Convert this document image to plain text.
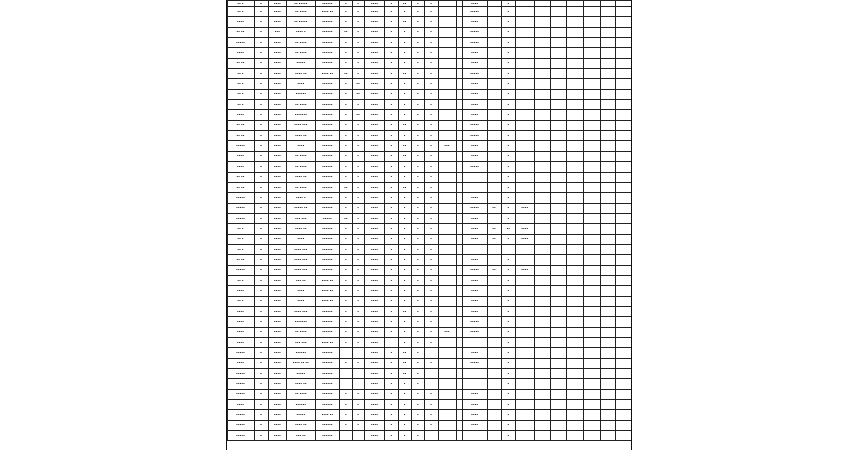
▪▪ ▪	▬	▪▪▪▪	▪▪ ▪▪▪▪▪	▪▪▪▪▪▪	▪	▪	▪▪▪▪	▪	▪▪	▪	▪			▪▪▪▪		▪							
▪▪ ▪	▬	▪▪▪▪	▪▪ ▪▪▪▪	▪▪▪▪ ▪▪	▪	▪	▪▪▪▪	▪	▪	▪	▪			▪▪▪▪▪		▪							
▪▪▪▪	▬	▪▪▪▪	▪▪ ▪▪▪▪▪	▪▪▪▪▪▪	▪	▪	▪▪▪▪	▪	▪▪	▪	▪			▪▪▪▪		▪							
▪▪ ▪▪	▬	▪▪▪	▪▪▪▪ ▪	▪▪▪▪▪▪	▪▪	▪	▪▪▪▪	▪	▪	▪	▪			▪▪▪▪▪		▪							
▪▪▪▪▪	▬	▪▪▪▪	▪▪ ▪▪▪▪	▪▪▪▪▪▪	▪	▪	▪▪▪▪	▪	▪	▪	▪			▪▪▪▪▪		▪							
▪▪▪▪	▬	▪▪▪▪	▪▪ ▪▪▪▪	▪▪▪▪▪▪	▪	▪	▪▪▪▪	▪	▪	▪	▪			▪▪▪▪		▪							
▪▪ ▪▪	▬	▪▪▪▪	▪▪▪▪▪	▪▪▪▪▪▪	▪	▪	▪▪▪▪	▪	▪	▪	▪			▪▪▪▪		▪							
▪▪ ▪	▬	▪▪▪▪	▪▪▪▪ ▪▪	▪▪▪▪ ▪▪	▪▪	▪	▪▪▪▪	▪	▪▪	▪	▪			▪▪▪▪▪		▪							
▪▪ ▪	▬	▪▪▪▪	▪▪▪▪	▪▪▪▪▪▪	▪	▪▪	▪▪▪▪	▪	▪	▪	▪			▪▪▪▪		▪							
▪▪ ▪	▬	▪▪▪▪	▪▪▪▪▪▪	▪▪▪▪▪▪	▪	▪▪	▪▪▪▪	▪	▪	▪	▪			▪▪▪▪		▪							
▪▪ ▪	▬	▪▪▪▪	▪▪ ▪▪▪▪	▪▪▪▪▪▪	▪	▪	▪▪▪▪	▪	▪	▪	▪			▪▪▪▪		▪							
▪▪▪▪	▬	▪▪▪▪	▪▪▪▪▪▪▪	▪▪▪▪▪▪	▪	▪▪	▪▪▪▪	▪	▪	▪	▪			▪▪▪▪		▪							
▪▪ ▪▪	▬	▪▪▪▪	▪▪▪▪ ▪▪▪	▪▪▪▪▪▪	▪	▪	▪▪▪▪	▪	▪▪	▪	▪			▪▪▪▪▪		▪							
▪▪ ▪▪	▬	▪▪▪▪	▪▪▪▪ ▪▪	▪▪▪▪▪▪	▪	▪	▪▪▪▪	▪	▪	▪	▪			▪▪▪▪▪		▪							
▪▪▪▪▪	▬	▪▪▪▪	▪▪▪▪	▪▪▪▪▪▪	▪	▪	▪▪▪▪	▪	▪▪	▪	▪	▪▪▪		▪▪▪▪		▪							
▪▪▪▪	▬	▪▪▪▪	▪▪ ▪▪▪▪	▪▪▪▪▪▪	▪	▪	▪▪▪▪	▪	▪▪	▪	▪			▪▪▪▪		▪							
▪▪▪▪	▬	▪▪▪▪	▪▪ ▪▪▪▪	▪▪▪▪▪▪	▪	▪	▪▪▪▪	▪	▪	▪	▪			▪▪▪▪▪		▪							
▪▪ ▪▪	▬	▪▪▪▪	▪▪▪▪ ▪▪	▪▪▪▪▪▪	▪	▪	▪▪▪▪	▪	▪	▪	▪					▪							
▪▪ ▪▪	▬	▪▪▪▪	▪▪ ▪▪▪▪	▪▪▪▪▪▪	▪▪	▪	▪▪▪▪	▪	▪▪	▪	▪					▪							
▪▪▪▪▪	▬	▪▪▪▪	▪▪▪▪ ▪	▪▪▪▪▪▪	▪	▪	▪▪▪▪	▪	▪	▪	▪			▪▪▪▪		▪							
▪▪▪▪▪	▬	▪▪▪▪	▪▪▪▪▪ ▪▪	▪▪▪▪▪▪	▪	▪	▪▪▪▪	▪	▪	▪	▪			▪▪▪▪▪	▪▪	▪	▪▪▪▪						
▪▪▪▪▪	▬	▪▪▪▪	▪▪▪ ▪▪▪	▪▪▪▪▪	▪▪	▪	▪▪▪▪	▪	▪	▪	▪			▪▪▪▪		▪							
▪▪ ▪	▬	▪▪▪▪	▪▪▪▪ ▪▪	▪▪▪▪▪▪	▪	▪	▪▪▪▪	▪	▪	▪	▪			▪▪▪▪	▪▪	▪▪	▪▪▪▪						
▪▪ ▪	▬	▪▪▪▪	▪▪▪▪	▪▪▪▪▪▪	▪	▪	▪▪▪▪	▪	▪	▪	▪			▪▪▪▪	▪▪	▪	▪▪▪▪						
▪▪ ▪	▬	▪▪▪▪	▪▪▪▪ ▪▪▪	▪▪▪▪▪▪	▪	▪	▪▪▪▪	▪	▪	▪	▪												
▪▪ ▪▪	▬	▪▪▪▪	▪▪▪▪ ▪▪▪	▪▪▪▪▪▪	▪	▪	▪▪▪▪	▪	▪	▪	▪			▪▪▪▪		▪							
▪▪▪▪▪	▬	▪▪▪▪	▪▪▪▪ ▪▪▪	▪▪▪▪▪▪	▪	▪	▪▪▪▪	▪	▪	▪	▪			▪▪▪▪▪	▪▪	▪	▪▪▪▪						
▪▪ ▪	▬	▪▪▪▪	▪▪▪ ▪▪	▪▪▪▪ ▪▪	▪	▪	▪▪▪▪	▪	▪	▪	▪			▪▪▪▪		▪							
▪▪▪▪	▬	▪▪▪▪	▪▪▪▪	▪▪▪▪ ▪▪	▪	▪	▪▪▪▪	▪	▪	▪	▪			▪▪▪▪		▪							
▪▪ ▪	▬	▪▪▪▪	▪▪▪▪	▪▪▪▪ ▪▪	▪	▪	▪▪▪▪	▪	▪	▪	▪			▪▪▪▪		▪							
▪▪▪▪	▬	▪▪▪▪	▪▪▪▪ ▪▪▪	▪▪▪▪▪▪	▪	▪	▪▪▪▪	▪	▪▪	▪	▪			▪▪▪▪		▪							
▪▪▪▪	▬	▪▪▪▪	▪▪▪▪▪▪▪	▪▪▪▪▪▪	▪	▪	▪▪▪▪	▪	▪	▪	▪			▪▪▪▪▪		▪							
▪▪▪▪	▬	▪▪▪▪	▪▪ ▪▪▪▪	▪▪▪▪▪▪	▪	▪	▪▪▪▪	▪	▪	▪	▪	▪▪▪		▪▪▪▪▪		▪							
▪▪▪▪	▬	▪▪▪▪	▪▪▪ ▪▪▪	▪▪▪▪ ▪▪	▪	▪	▪▪▪▪		▪	▪	▪					▪							
▪▪▪▪▪	▬	▪▪▪▪	▪▪▪▪▪▪	▪▪▪▪▪▪			▪▪▪▪	▪	▪▪	▪				▪▪▪▪		▪							
▪▪▪▪	▬	▪▪▪▪	▪▪▪▪ ▪▪ ▪▪	▪▪▪▪▪▪	▪	▪	▪▪▪▪	▪	▪▪	▪	▪			▪▪▪▪▪		▪							
▪▪▪▪▪	▬	▪▪▪▪	▪▪▪▪▪	▪▪▪▪▪▪			▪▪▪▪	▪	▪▪	▪						▪							
▪▪▪▪▪	▬	▪▪▪▪	▪▪▪▪ ▪▪	▪▪▪▪▪▪			▪▪▪▪	▪	▪	▪						▪							
▪▪▪▪▪	▬	▪▪▪▪	▪▪ ▪▪▪▪	▪▪▪▪▪▪	▪	▪	▪▪▪▪	▪	▪	▪	▪			▪▪▪▪		▪							
▪▪▪▪	▬	▪▪▪▪	▪▪▪▪▪▪	▪▪▪▪▪▪	▪	▪	▪▪▪▪	▪	▪	▪	▪			▪▪▪▪		▪							
▪▪▪▪▪	▬	▪▪▪▪	▪▪▪▪▪	▪▪▪▪ ▪▪	▪	▪	▪▪▪▪	▪	▪	▪	▪			▪▪▪▪		▪							
▪▪▪▪▪	▬	▪▪▪▪	▪▪▪▪ ▪▪	▪▪▪▪▪▪	▪	▪	▪▪▪▪	▪	▪	▪	▪			▪▪▪▪		▪							
▪▪▪▪▪	▬	▪▪▪▪	▪▪▪ ▪▪	▪▪▪▪▪▪			▪▪▪▪	▪	▪	▪						▪							
